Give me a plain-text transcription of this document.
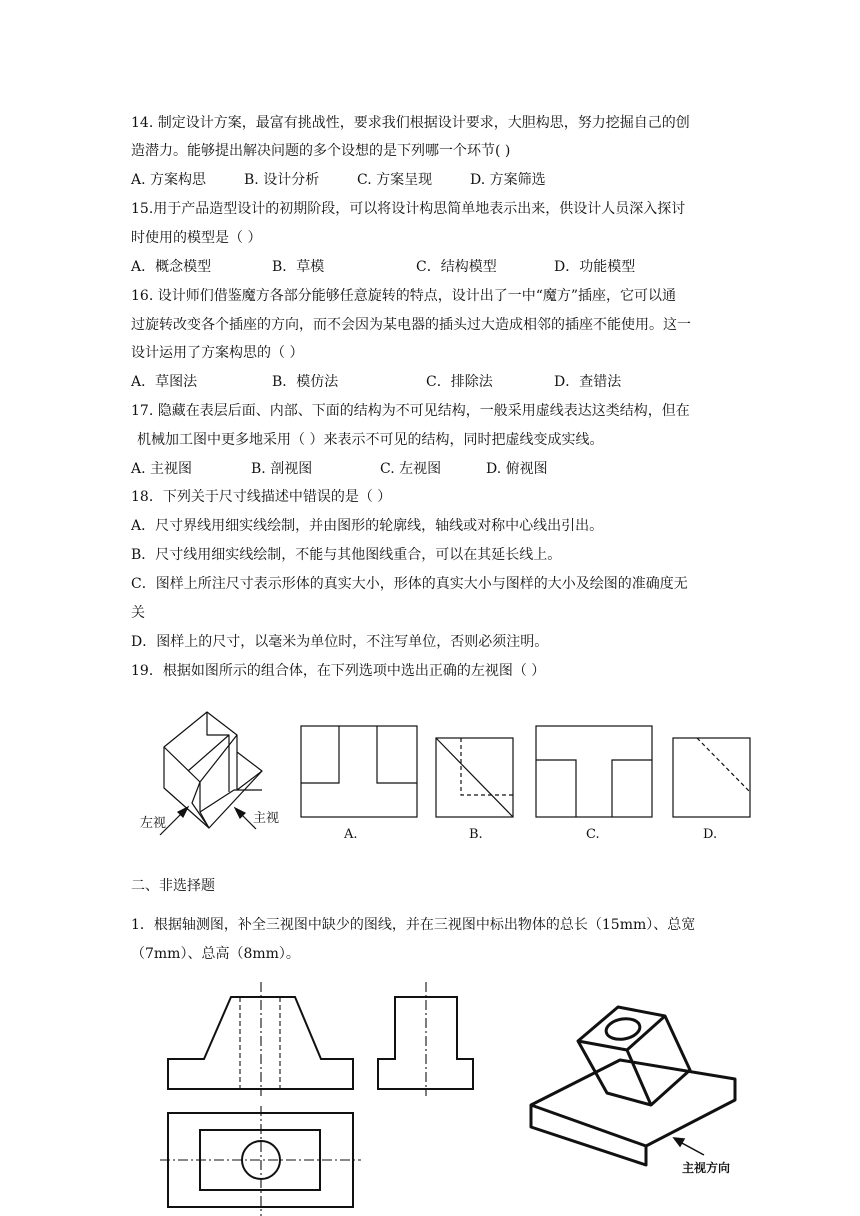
14. 制定设计方案，最富有挑战性，要求我们根据设计要求，大胆构思，努力挖掘自己的创
造潜力。能够提出解决问题的多个设想的是下列哪一个环节( )
A. 方案构思	B. 设计分析	C. 方案呈现	D. 方案筛选
15.用于产品造型设计的初期阶段，可以将设计构思简单地表示出来，供设计人员深入探讨
时使用的模型是（ ）
A．概念模型	B．草模	C．结构模型	D．功能模型
16. 设计师们借鉴魔方各部分能够任意旋转的特点，设计出了一中“魔方”插座，它可以通
过旋转改变各个插座的方向，而不会因为某电器的插头过大造成相邻的插座不能使用。这一
设计运用了方案构思的（ ）
A．草图法	B．模仿法	C．排除法	D．查错法
17. 隐藏在表层后面、内部、下面的结构为不可见结构，一般采用虚线表达这类结构，但在
机械加工图中更多地采用（ ）来表示不可见的结构，同时把虚线变成实线。
A. 主视图	B. 剖视图	C. 左视图	D. 俯视图
18．下列关于尺寸线描述中错误的是（ ）
A．尺寸界线用细实线绘制，并由图形的轮廓线，轴线或对称中心线出引出。
B．尺寸线用细实线绘制，不能与其他图线重合，可以在其延长线上。
C．图样上所注尺寸表示形体的真实大小，形体的真实大小与图样的大小及绘图的准确度无
关
D．图样上的尺寸，以毫米为单位时，不注写单位，否则必须注明。
19．根据如图所示的组合体，在下列选项中选出正确的左视图（ ）
左视	主视
A.	B.	C.	D.
主视方向
二、非选择题
1．根据轴测图，补全三视图中缺少的图线，并在三视图中标出物体的总长（15mm）、总宽
（7mm）、总高（8mm）。
